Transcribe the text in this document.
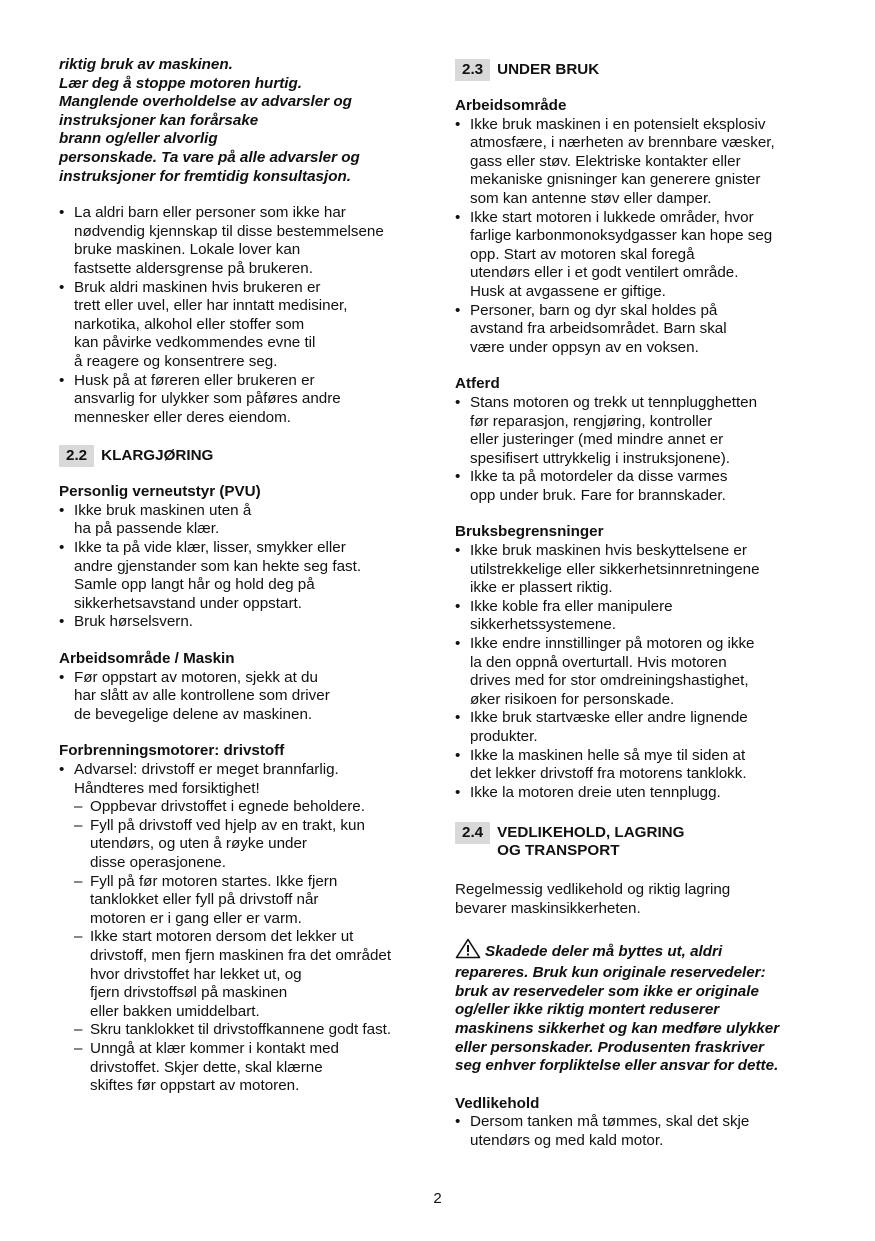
riktig bruk av maskinen.
Lær deg å stoppe motoren hurtig.
Manglende overholdelse av advarsler og
instruksjoner kan forårsake
brann og/eller alvorlig
personskade. Ta vare på alle advarsler og
instruksjoner for fremtidig konsultasjon.
• La aldri barn eller personer som ikke har
nødvendig kjennskap til disse bestemmelsene
bruke maskinen. Lokale lover kan
fastsette aldersgrense på brukeren.
• Bruk aldri maskinen hvis brukeren er
trett eller uvel, eller har inntatt medisiner,
narkotika, alkohol eller stoffer som
kan påvirke vedkommendes evne til
å reagere og konsentrere seg.
• Husk på at føreren eller brukeren er
ansvarlig for ulykker som påføres andre
mennesker eller deres eiendom.
2.2 KLARGJØRING
Personlig verneutstyr (PVU)
• Ikke bruk maskinen uten å
ha på passende klær.
• Ikke ta på vide klær, lisser, smykker eller
andre gjenstander som kan hekte seg fast.
Samle opp langt hår og hold deg på
sikkerhetsavstand under oppstart.
• Bruk hørselsvern.
Arbeidsområde / Maskin
• Før oppstart av motoren, sjekk at du
har slått av alle kontrollene som driver
de bevegelige delene av maskinen.
Forbrenningsmotorer: drivstoff
• Advarsel: drivstoff er meget brannfarlig.
Håndteres med forsiktighet!
– Oppbevar drivstoffet i egnede beholdere.
– Fyll på drivstoff ved hjelp av en trakt, kun
utendørs, og uten å røyke under
disse operasjonene.
– Fyll på før motoren startes. Ikke fjern
tanklokket eller fyll på drivstoff når
motoren er i gang eller er varm.
– Ikke start motoren dersom det lekker ut
drivstoff, men fjern maskinen fra det området
hvor drivstoffet har lekket ut, og
fjern drivstoffsøl på maskinen
eller bakken umiddelbart.
– Skru tanklokket til drivstoffkannene godt fast.
– Unngå at klær kommer i kontakt med
drivstoffet. Skjer dette, skal klærne
skiftes før oppstart av motoren.
2.3 UNDER BRUK
Arbeidsområde
• Ikke bruk maskinen i en potensielt eksplosiv
atmosfære, i nærheten av brennbare væsker,
gass eller støv. Elektriske kontakter eller
mekaniske gnisninger kan generere gnister
som kan antenne støv eller damper.
• Ikke start motoren i lukkede områder, hvor
farlige karbonmonoksydgasser kan hope seg
opp. Start av motoren skal foregå
utendørs eller i et godt ventilert område.
Husk at avgassene er giftige.
• Personer, barn og dyr skal holdes på
avstand fra arbeidsområdet. Barn skal
være under oppsyn av en voksen.
Atferd
• Stans motoren og trekk ut tennplugghetten
før reparasjon, rengjøring, kontroller
eller justeringer (med mindre annet er
spesifisert uttrykkelig i instruksjonene).
• Ikke ta på motordeler da disse varmes
opp under bruk. Fare for brannskader.
Bruksbegrensninger
• Ikke bruk maskinen hvis beskyttelsene er
utilstrekkelige eller sikkerhetsinnretningene
ikke er plassert riktig.
• Ikke koble fra eller manipulere
sikkerhetssystemene.
• Ikke endre innstillinger på motoren og ikke
la den oppnå overturtall. Hvis motoren
drives med for stor omdreiningshastighet,
øker risikoen for personskade.
• Ikke bruk startvæske eller andre lignende
produkter.
• Ikke la maskinen helle så mye til siden at
det lekker drivstoff fra motorens tanklokk.
• Ikke la motoren dreie uten tennplugg.
2.4 VEDLIKEHOLD, LAGRING
OG TRANSPORT

Regelmessig vedlikehold og riktig lagring
bevarer maskinsikkerheten.

Skadede deler må byttes ut, aldri
repareres. Bruk kun originale reservedeler:
bruk av reservedeler som ikke er originale
og/eller ikke riktig montert reduserer
maskinens sikkerhet og kan medføre ulykker
eller personskader. Produsenten fraskriver
seg enhver forpliktelse eller ansvar for dette.
Vedlikehold
• Dersom tanken må tømmes, skal det skje
utendørs og med kald motor.
2
